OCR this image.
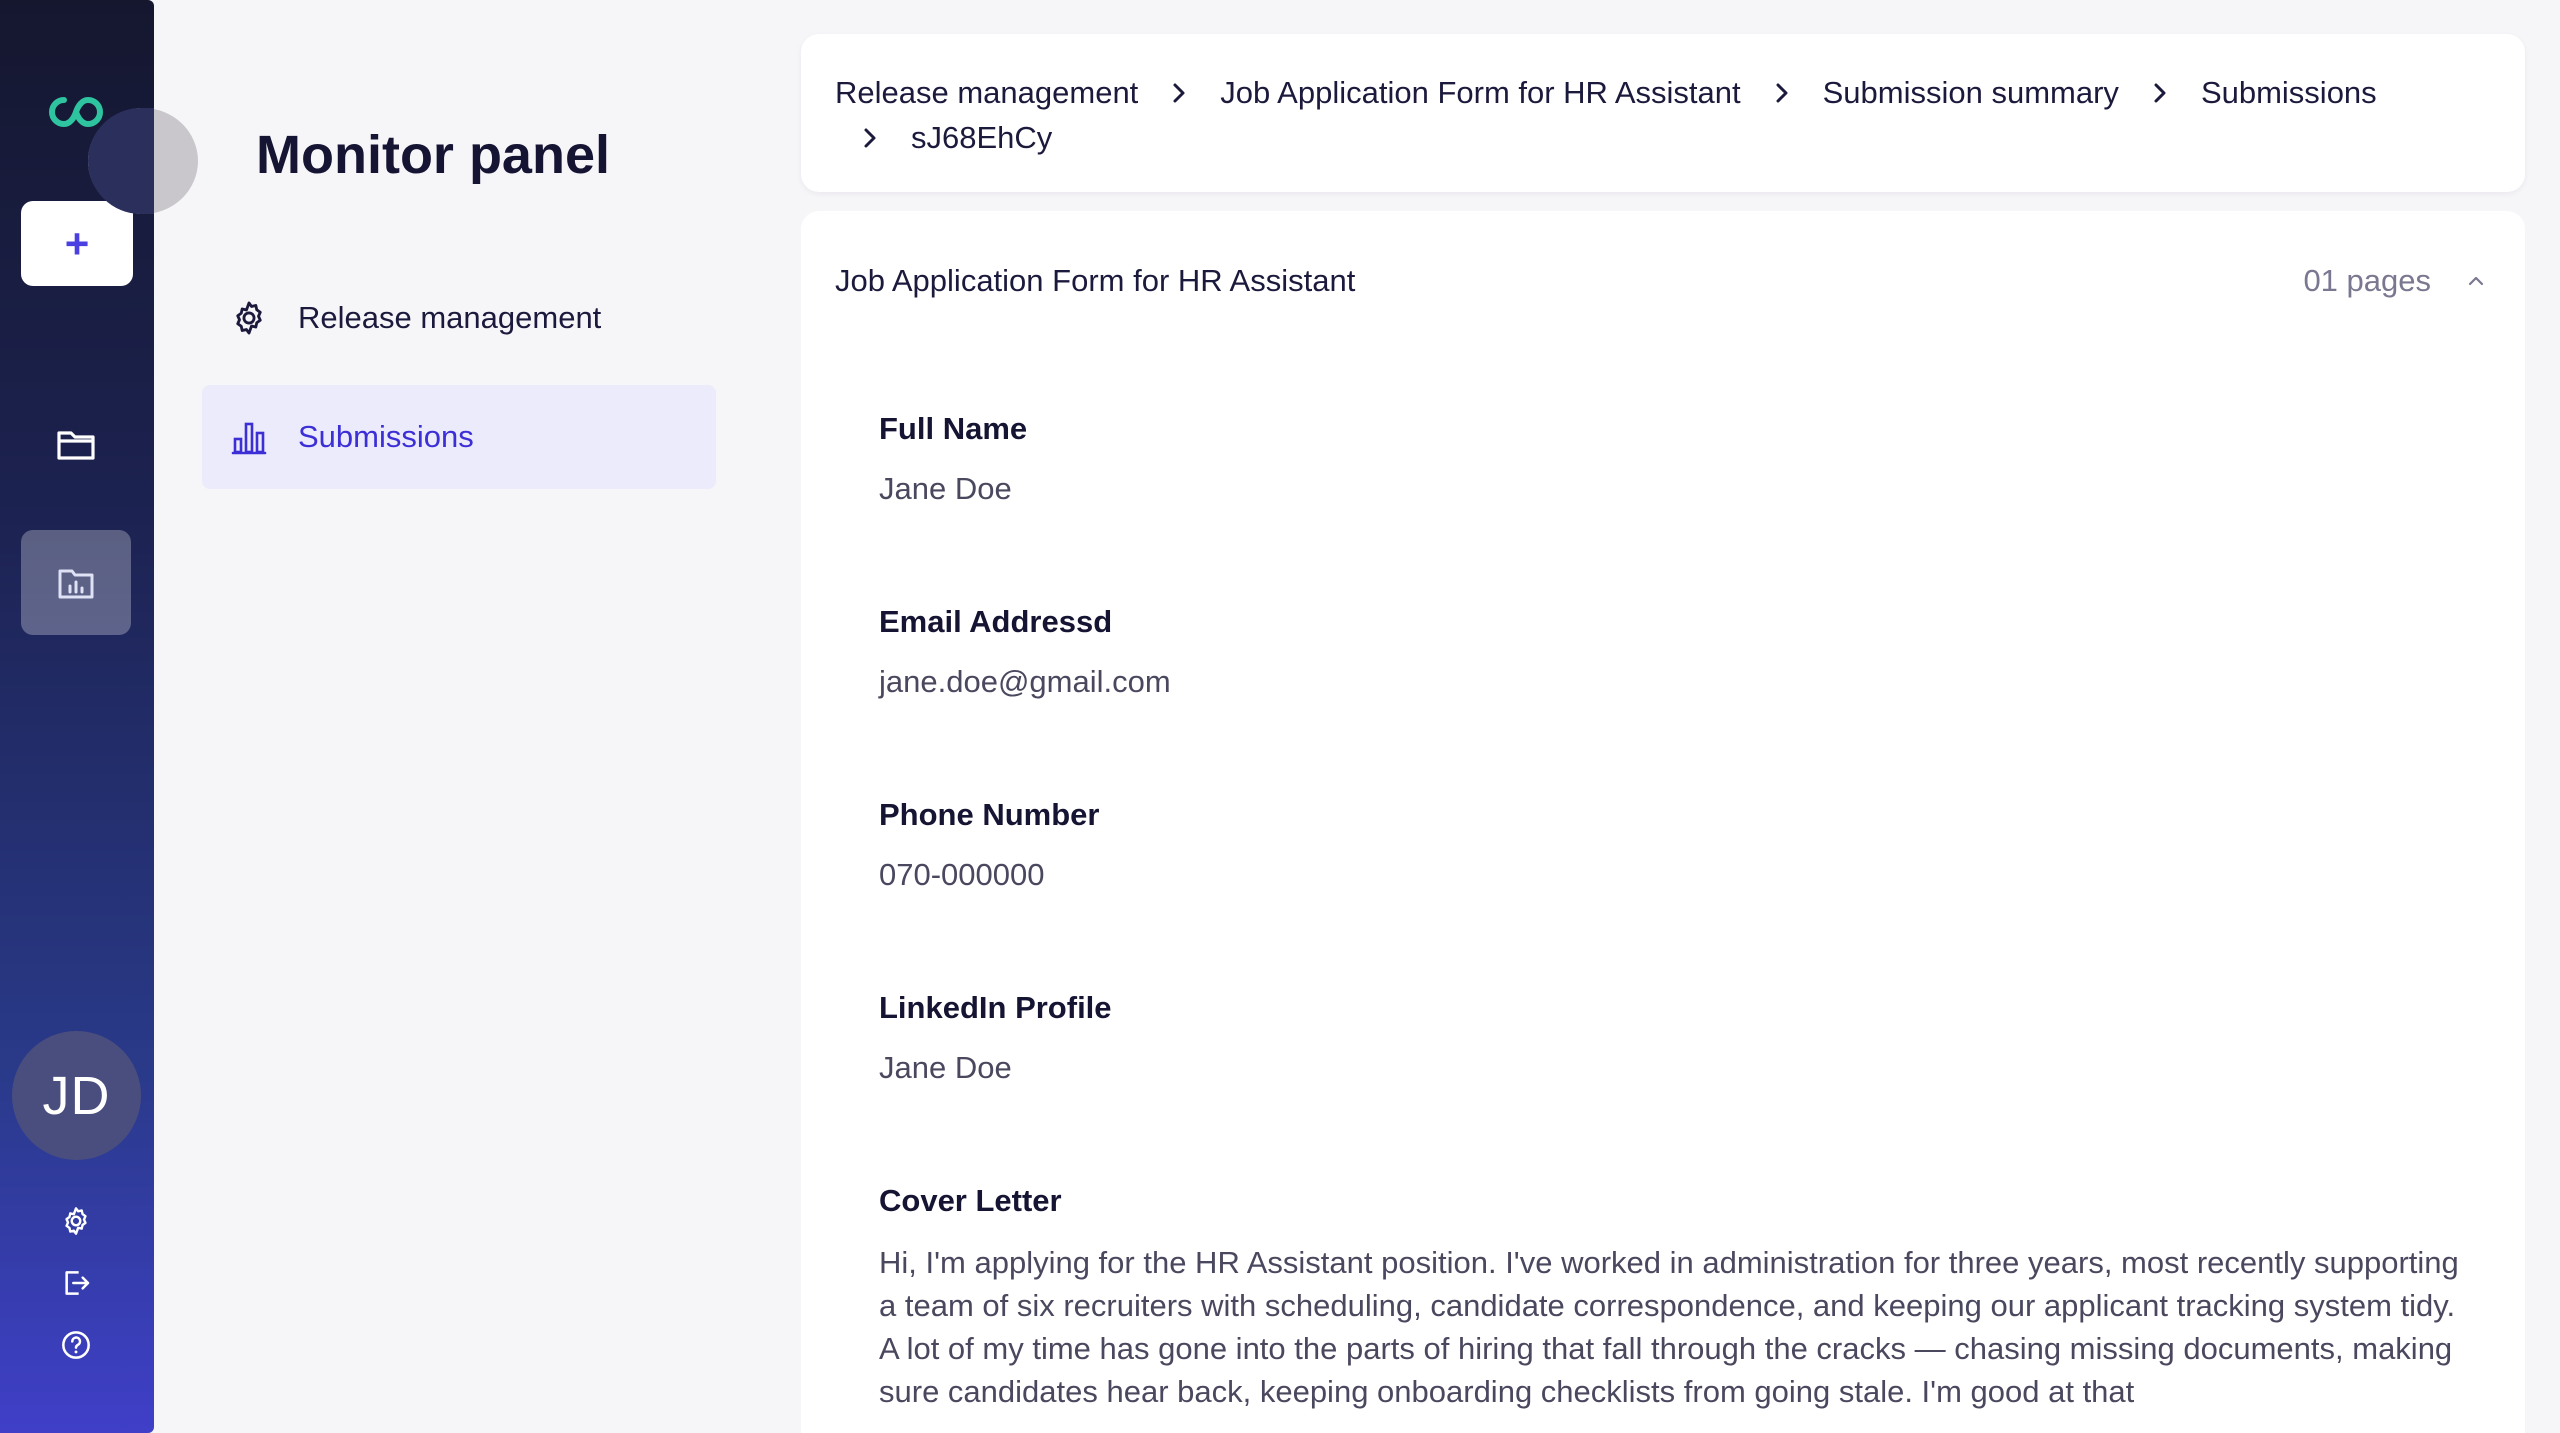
+
JD
Monitor panel
Release management
Submissions
Release management	Job Application Form for HR Assistant	Submission summary	Submissions
sJ68EhCy
Job Application Form for HR Assistant	01 pages
Full Name
Jane Doe
Email Addressd
jane.doe@gmail.com
Phone Number
070-000000
LinkedIn Profile
Jane Doe
Cover Letter
Hi, I'm applying for the HR Assistant position. I've worked in administration for three years, most recently supporting a team of six recruiters with scheduling, candidate correspondence, and keeping our applicant tracking system tidy. A lot of my time has gone into the parts of hiring that fall through the cracks — chasing missing documents, making sure candidates hear back, keeping onboarding checklists from going stale. I'm good at that
